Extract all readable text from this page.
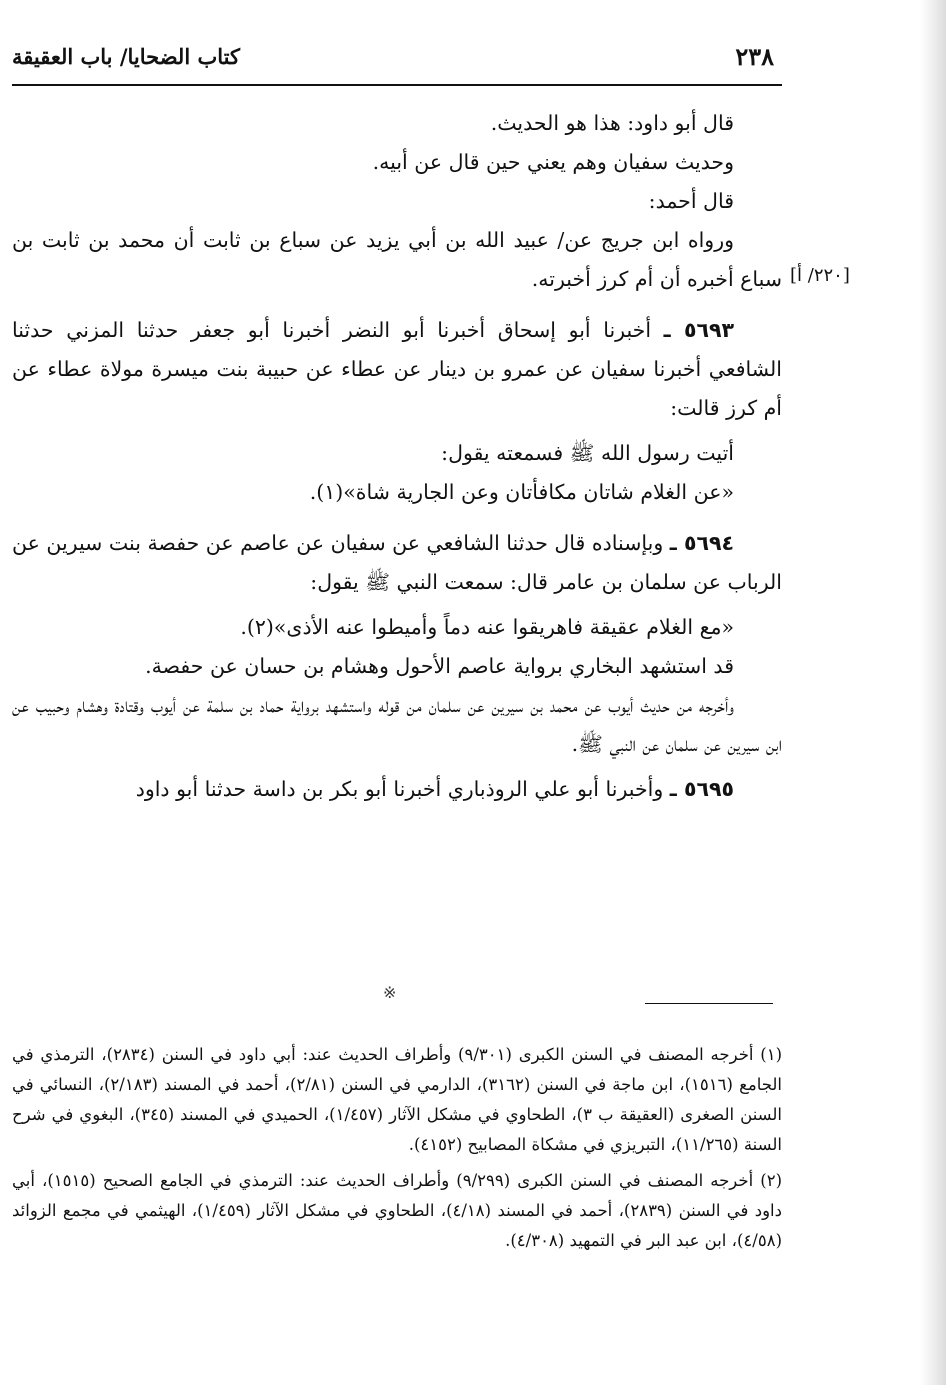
٢٣٨
كتاب الضحايا/ باب العقيقة
[٢٢٠/ أ]

قال أبو داود: هذا هو الحديث.

وحديث سفيان وهم يعني حين قال عن أبيه.

قال أحمد:

ورواه ابن جريج عن/ عبيد الله بن أبي يزيد عن سباع بن ثابت أن محمد بن ثابت بن سباع أخبره أن أم كرز أخبرته.

٥٦٩٣ ـ أخبرنا أبو إسحاق أخبرنا أبو النضر أخبرنا أبو جعفر حدثنا المزني حدثنا الشافعي أخبرنا سفيان عن عمرو بن دينار عن عطاء عن حبيبة بنت ميسرة مولاة عطاء عن أم كرز قالت:

أتيت رسول الله ﷺ فسمعته يقول:

«عن الغلام شاتان مكافأتان وعن الجارية شاة»(١).

٥٦٩٤ ـ وبإسناده قال حدثنا الشافعي عن سفيان عن عاصم عن حفصة بنت سيرين عن الرباب عن سلمان بن عامر قال: سمعت النبي ﷺ يقول:

«مع الغلام عقيقة فاهريقوا عنه دماً وأميطوا عنه الأذى»(٢).

قد استشهد البخاري برواية عاصم الأحول وهشام بن حسان عن حفصة.

وأخرجه من حديث أيوب عن محمد بن سيرين عن سلمان من قوله واستشهد برواية حماد بن سلمة عن أيوب وقتادة وهشام وحبيب عن ابن سيرين عن سلمان عن النبي ﷺ.

٥٦٩٥ ـ وأخبرنا أبو علي الروذباري أخبرنا أبو بكر بن داسة حدثنا أبو داود

※

(١) أخرجه المصنف في السنن الكبرى (٩/٣٠١) وأطراف الحديث عند: أبي داود في السنن (٢٨٣٤)، الترمذي في الجامع (١٥١٦)، ابن ماجة في السنن (٣١٦٢)، الدارمي في السنن (٢/٨١)، أحمد في المسند (٢/١٨٣)، النسائي في السنن الصغرى (العقيقة ب ٣)، الطحاوي في مشكل الآثار (١/٤٥٧)، الحميدي في المسند (٣٤٥)، البغوي في شرح السنة (١١/٢٦٥)، التبريزي في مشكاة المصابيح (٤١٥٢).

(٢) أخرجه المصنف في السنن الكبرى (٩/٢٩٩) وأطراف الحديث عند: الترمذي في الجامع الصحيح (١٥١٥)، أبي داود في السنن (٢٨٣٩)، أحمد في المسند (٤/١٨)، الطحاوي في مشكل الآثار (١/٤٥٩)، الهيثمي في مجمع الزوائد (٤/٥٨)، ابن عبد البر في التمهيد (٤/٣٠٨).
